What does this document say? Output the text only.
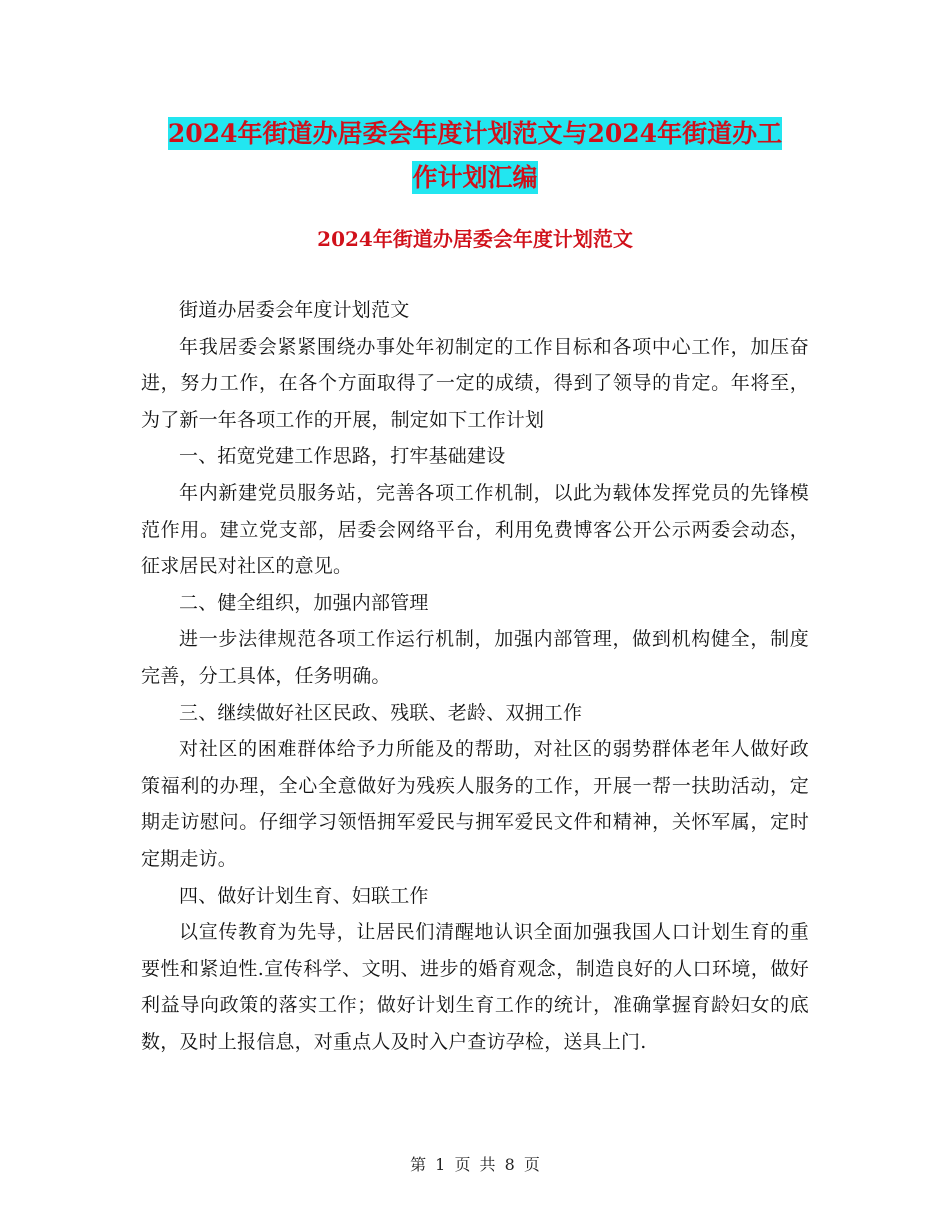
2024年街道办居委会年度计划范文与2024年街道办工
作计划汇编
2024年街道办居委会年度计划范文

街道办居委会年度计划范文

年我居委会紧紧围绕办事处年初制定的工作目标和各项中心工作，加压奋进，努力工作，在各个方面取得了一定的成绩，得到了领导的肯定。年将至，为了新一年各项工作的开展，制定如下工作计划

一、拓宽党建工作思路，打牢基础建设

年内新建党员服务站，完善各项工作机制，以此为载体发挥党员的先锋模范作用。建立党支部，居委会网络平台，利用免费博客公开公示两委会动态，征求居民对社区的意见。

二、健全组织，加强内部管理

进一步法律规范各项工作运行机制，加强内部管理，做到机构健全，制度完善，分工具体，任务明确。

三、继续做好社区民政、残联、老龄、双拥工作

对社区的困难群体给予力所能及的帮助，对社区的弱势群体老年人做好政策福利的办理，全心全意做好为残疾人服务的工作，开展一帮一扶助活动，定期走访慰问。仔细学习领悟拥军爱民与拥军爱民文件和精神，关怀军属，定时定期走访。

四、做好计划生育、妇联工作

以宣传教育为先导，让居民们清醒地认识全面加强我国人口计划生育的重要性和紧迫性.宣传科学、文明、进步的婚育观念，制造良好的人口环境，做好利益导向政策的落实工作；做好计划生育工作的统计，准确掌握育龄妇女的底数，及时上报信息，对重点人及时入户查访孕检，送具上门.

第 1 页 共 8 页
